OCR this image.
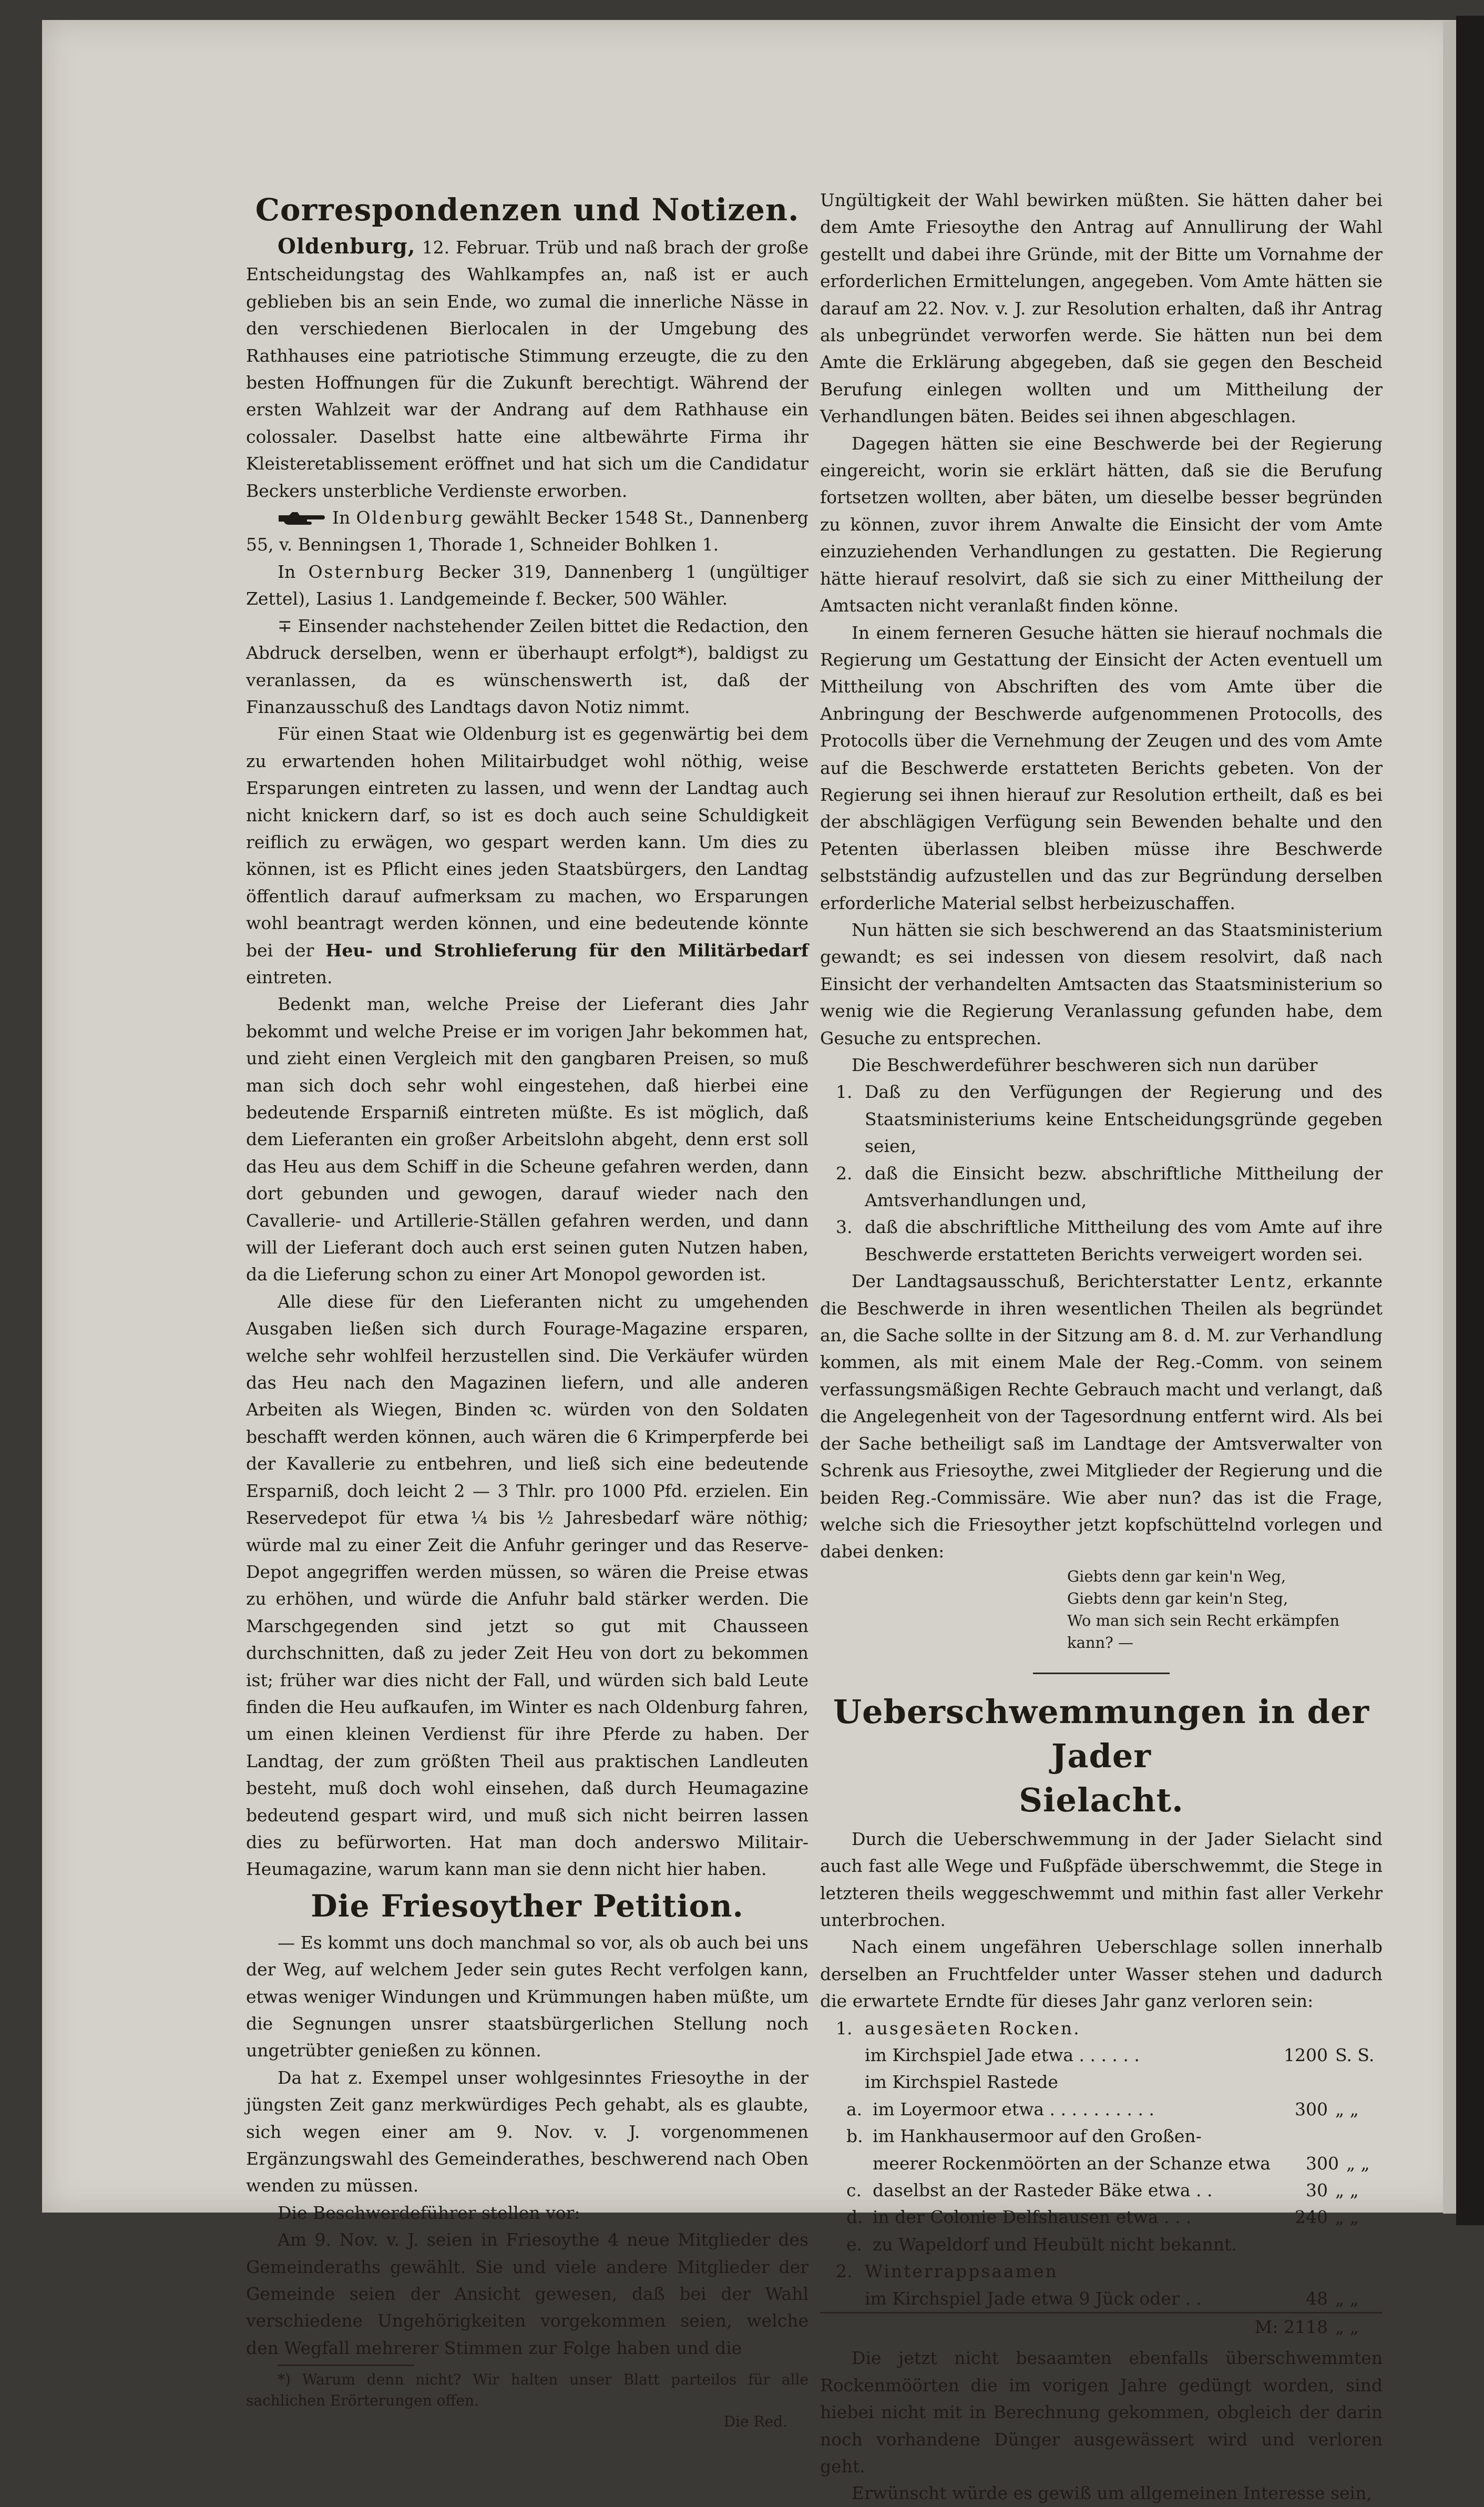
Correspondenzen und Notizen.

Oldenburg, 12. Februar. Trüb und naß brach der große Entscheidungstag des Wahlkampfes an, naß ist er auch geblieben bis an sein Ende, wo zumal die innerliche Nässe in den verschiedenen Bierlocalen in der Umgebung des Rathhauses eine patriotische Stimmung erzeugte, die zu den besten Hoffnungen für die Zukunft berechtigt. Während der ersten Wahlzeit war der Andrang auf dem Rathhause ein colossaler. Daselbst hatte eine altbewährte Firma ihr Kleisteretablissement eröffnet und hat sich um die Candidatur Beckers unsterbliche Verdienste erworben.

In Oldenburg gewählt Becker 1548 St., Dannenberg 55, v. Benningsen 1, Thorade 1, Schneider Bohlken 1.

In Osternburg Becker 319, Dannenberg 1 (ungültiger Zettel), Lasius 1. Landgemeinde f. Becker, 500 Wähler.

∓ Einsender nachstehender Zeilen bittet die Redaction, den Abdruck derselben, wenn er überhaupt erfolgt*), baldigst zu veranlassen, da es wünschenswerth ist, daß der Finanzausschuß des Landtags davon Notiz nimmt.

Für einen Staat wie Oldenburg ist es gegenwärtig bei dem zu erwartenden hohen Militairbudget wohl nöthig, weise Ersparungen eintreten zu lassen, und wenn der Landtag auch nicht knickern darf, so ist es doch auch seine Schuldigkeit reiflich zu erwägen, wo gespart werden kann. Um dies zu können, ist es Pflicht eines jeden Staatsbürgers, den Landtag öffentlich darauf aufmerksam zu machen, wo Ersparungen wohl beantragt werden können, und eine bedeutende könnte bei der Heu- und Strohlieferung für den Militärbedarf eintreten.

Bedenkt man, welche Preise der Lieferant dies Jahr bekommt und welche Preise er im vorigen Jahr bekommen hat, und zieht einen Vergleich mit den gangbaren Preisen, so muß man sich doch sehr wohl eingestehen, daß hierbei eine bedeutende Ersparniß eintreten müßte. Es ist möglich, daß dem Lieferanten ein großer Arbeitslohn abgeht, denn erst soll das Heu aus dem Schiff in die Scheune gefahren werden, dann dort gebunden und gewogen, darauf wieder nach den Cavallerie- und Artillerie-Ställen gefahren werden, und dann will der Lieferant doch auch erst seinen guten Nutzen haben, da die Lieferung schon zu einer Art Monopol geworden ist.

Alle diese für den Lieferanten nicht zu umgehenden Ausgaben ließen sich durch Fourage-Magazine ersparen, welche sehr wohlfeil herzustellen sind. Die Verkäufer würden das Heu nach den Magazinen liefern, und alle anderen Arbeiten als Wiegen, Binden ꝛc. würden von den Soldaten beschafft werden können, auch wären die 6 Krimperpferde bei der Kavallerie zu entbehren, und ließ sich eine bedeutende Ersparniß, doch leicht 2 — 3 Thlr. pro 1000 Pfd. erzielen. Ein Reservedepot für etwa ¼ bis ½ Jahresbedarf wäre nöthig; würde mal zu einer Zeit die Anfuhr geringer und das Reserve-Depot angegriffen werden müssen, so wären die Preise etwas zu erhöhen, und würde die Anfuhr bald stärker werden. Die Marschgegenden sind jetzt so gut mit Chausseen durchschnitten, daß zu jeder Zeit Heu von dort zu bekommen ist; früher war dies nicht der Fall, und würden sich bald Leute finden die Heu aufkaufen, im Winter es nach Oldenburg fahren, um einen kleinen Verdienst für ihre Pferde zu haben. Der Landtag, der zum größten Theil aus praktischen Landleuten besteht, muß doch wohl einsehen, daß durch Heumagazine bedeutend gespart wird, und muß sich nicht beirren lassen dies zu befürworten. Hat man doch anderswo Militair-Heumagazine, warum kann man sie denn nicht hier haben.

Die Friesoyther Petition.

— Es kommt uns doch manchmal so vor, als ob auch bei uns der Weg, auf welchem Jeder sein gutes Recht verfolgen kann, etwas weniger Windungen und Krümmungen haben müßte, um die Segnungen unsrer staatsbürgerlichen Stellung noch ungetrübter genießen zu können.

Da hat z. Exempel unser wohlgesinntes Friesoythe in der jüngsten Zeit ganz merkwürdiges Pech gehabt, als es glaubte, sich wegen einer am 9. Nov. v. J. vorgenommenen Ergänzungswahl des Gemeinderathes, beschwerend nach Oben wenden zu müssen.

Die Beschwerdeführer stellen vor:

Am 9. Nov. v. J. seien in Friesoythe 4 neue Mitglieder des Gemeinderaths gewählt. Sie und viele andere Mitglieder der Gemeinde seien der Ansicht gewesen, daß bei der Wahl verschiedene Ungehörigkeiten vorgekommen seien, welche den Wegfall mehrerer Stimmen zur Folge haben und die

*) Warum denn nicht? Wir halten unser Blatt parteilos für alle sachlichen Erörterungen offen.

Die Red.

Ungültigkeit der Wahl bewirken müßten. Sie hätten daher bei dem Amte Friesoythe den Antrag auf Annullirung der Wahl gestellt und dabei ihre Gründe, mit der Bitte um Vornahme der erforderlichen Ermittelungen, angegeben. Vom Amte hätten sie darauf am 22. Nov. v. J. zur Resolution erhalten, daß ihr Antrag als unbegründet verworfen werde. Sie hätten nun bei dem Amte die Erklärung abgegeben, daß sie gegen den Bescheid Berufung einlegen wollten und um Mittheilung der Verhandlungen bäten. Beides sei ihnen abgeschlagen.

Dagegen hätten sie eine Beschwerde bei der Regierung eingereicht, worin sie erklärt hätten, daß sie die Berufung fortsetzen wollten, aber bäten, um dieselbe besser begründen zu können, zuvor ihrem Anwalte die Einsicht der vom Amte einzuziehenden Verhandlungen zu gestatten. Die Regierung hätte hierauf resolvirt, daß sie sich zu einer Mittheilung der Amtsacten nicht veranlaßt finden könne.

In einem ferneren Gesuche hätten sie hierauf nochmals die Regierung um Gestattung der Einsicht der Acten eventuell um Mittheilung von Abschriften des vom Amte über die Anbringung der Beschwerde aufgenommenen Protocolls, des Protocolls über die Vernehmung der Zeugen und des vom Amte auf die Beschwerde erstatteten Berichts gebeten. Von der Regierung sei ihnen hierauf zur Resolution ertheilt, daß es bei der abschlägigen Verfügung sein Bewenden behalte und den Petenten überlassen bleiben müsse ihre Beschwerde selbstständig aufzustellen und das zur Begründung derselben erforderliche Material selbst herbeizuschaffen.

Nun hätten sie sich beschwerend an das Staatsministerium gewandt; es sei indessen von diesem resolvirt, daß nach Einsicht der verhandelten Amtsacten das Staatsministerium so wenig wie die Regierung Veranlassung gefunden habe, dem Gesuche zu entsprechen.

Die Beschwerdeführer beschweren sich nun darüber

1. Daß zu den Verfügungen der Regierung und des Staatsministeriums keine Entscheidungsgründe gegeben seien,
2. daß die Einsicht bezw. abschriftliche Mittheilung der Amtsverhandlungen und,
3. daß die abschriftliche Mittheilung des vom Amte auf ihre Beschwerde erstatteten Berichts verweigert worden sei.

Der Landtagsausschuß, Berichterstatter Lentz, erkannte die Beschwerde in ihren wesentlichen Theilen als begründet an, die Sache sollte in der Sitzung am 8. d. M. zur Verhandlung kommen, als mit einem Male der Reg.-Comm. von seinem verfassungsmäßigen Rechte Gebrauch macht und verlangt, daß die Angelegenheit von der Tagesordnung entfernt wird. Als bei der Sache betheiligt saß im Landtage der Amtsverwalter von Schrenk aus Friesoythe, zwei Mitglieder der Regierung und die beiden Reg.-Commissäre. Wie aber nun? das ist die Frage, welche sich die Friesoyther jetzt kopfschüttelnd vorlegen und dabei denken:

Giebts denn gar kein'n Weg,
Giebts denn gar kein'n Steg,
Wo man sich sein Recht erkämpfen kann? —
Ueberschwemmungen in der Jader
Sielacht.

Durch die Ueberschwemmung in der Jader Sielacht sind auch fast alle Wege und Fußpfäde überschwemmt, die Stege in letzteren theils weggeschwemmt und mithin fast aller Verkehr unterbrochen.

Nach einem ungefähren Ueberschlage sollen innerhalb derselben an Fruchtfelder unter Wasser stehen und dadurch die erwartete Erndte für dieses Jahr ganz verloren sein:

1. ausgesäeten Rocken.
im Kirchspiel Jade etwa . . . . . .	1200 S. S.
im Kirchspiel Rastede
a. im Loyermoor etwa . . . . . . . . . .	300 „ „
b. im Hankhausermoor auf den Großen-
meerer Rockenmöörten an der Schanze etwa	300 „ „
c. daselbst an der Rasteder Bäke etwa . .	30 „ „
d. in der Colonie Delfshausen etwa . . .	240 „ „
e. zu Wapeldorf und Heubült nicht bekannt.
2. Winterrappsaamen
im Kirchspiel Jade etwa 9 Jück oder . .	48 „ „
M: 2118 „ „

Die jetzt nicht besaamten ebenfalls überschwemmten Rockenmöörten die im vorigen Jahre gedüngt worden, sind hiebei nicht mit in Berechnung gekommen, obgleich der darin noch vorhandene Dünger ausgewässert wird und verloren geht.

Erwünscht würde es gewiß um allgemeinen Interesse sein,
